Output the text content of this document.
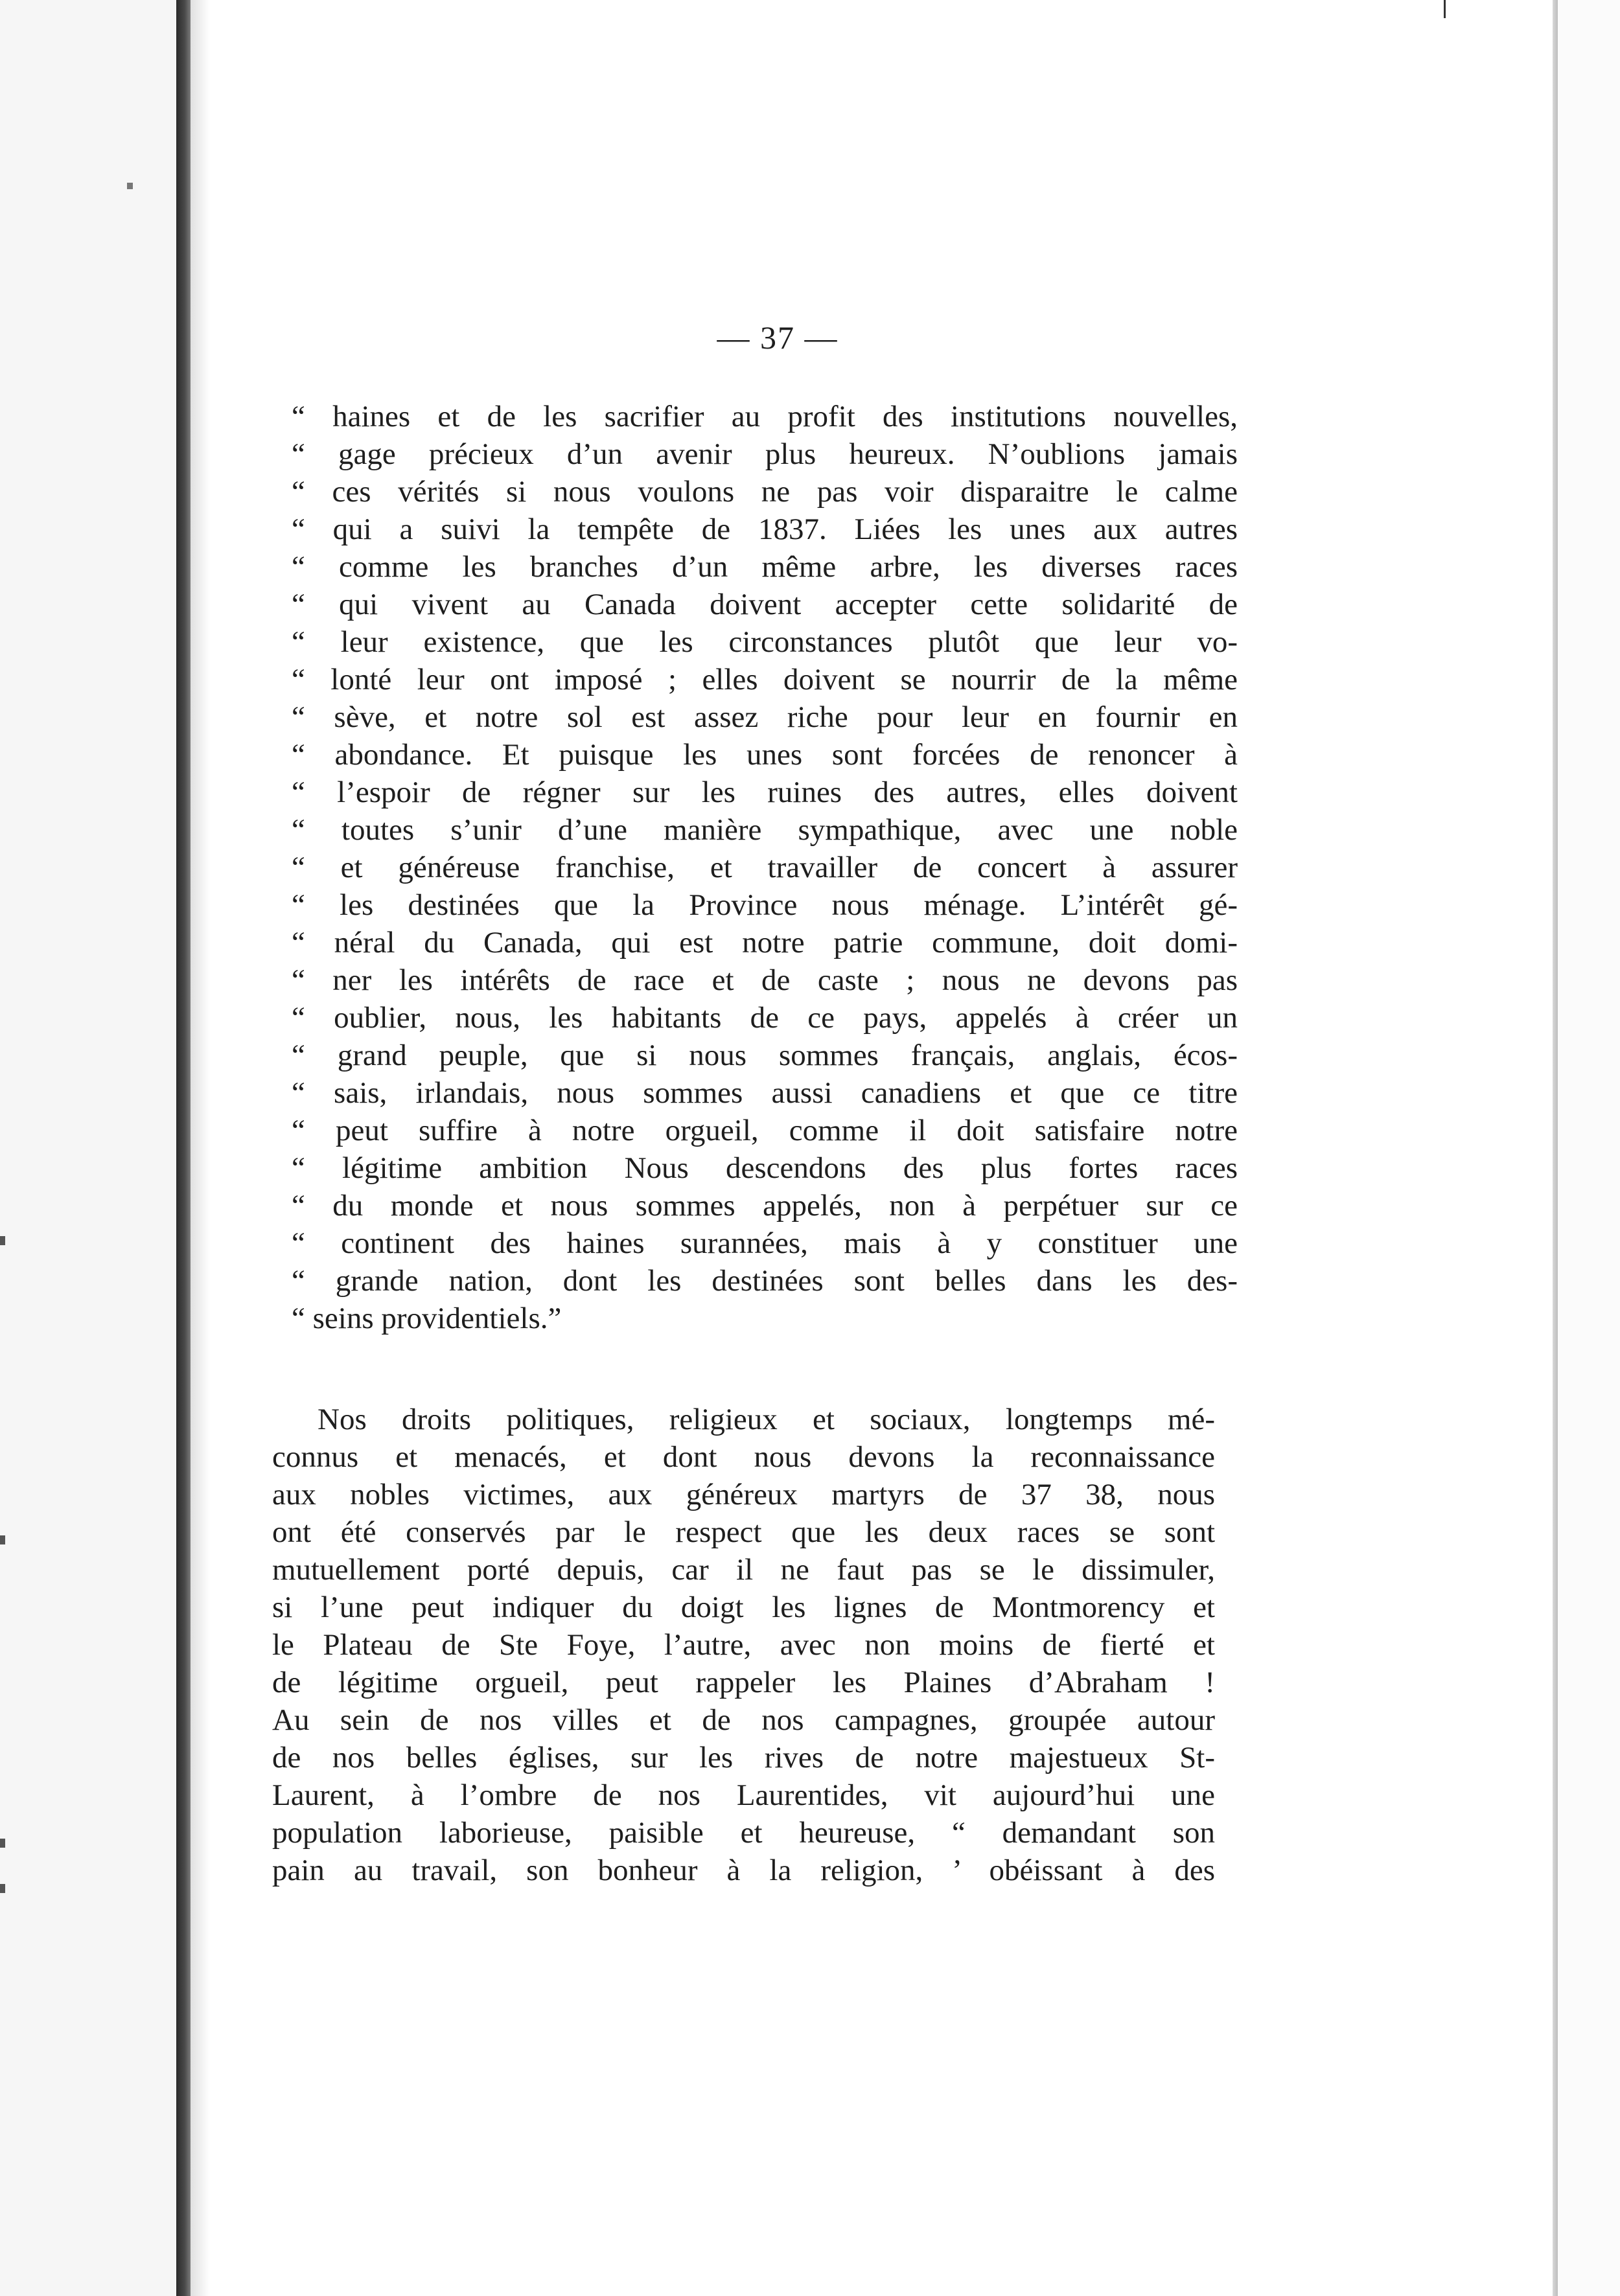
— 37 —
“ haines et de les sacrifier au profit des institutions nouvelles,
“ gage précieux d’un avenir plus heureux. N’oublions jamais
“ ces vérités si nous voulons ne pas voir disparaitre le calme
“ qui a suivi la tempête de 1837. Liées les unes aux autres
“ comme les branches d’un même arbre, les diverses races
“ qui vivent au Canada doivent accepter cette solidarité de
“ leur existence, que les circonstances plutôt que leur vo-
“ lonté leur ont imposé ; elles doivent se nourrir de la même
“ sève, et notre sol est assez riche pour leur en fournir en
“ abondance. Et puisque les unes sont forcées de renoncer à
“ l’espoir de régner sur les ruines des autres, elles doivent
“ toutes s’unir d’une manière sympathique, avec une noble
“ et généreuse franchise, et travailler de concert à assurer
“ les destinées que la Province nous ménage. L’intérêt gé-
“ néral du Canada, qui est notre patrie commune, doit domi-
“ ner les intérêts de race et de caste ; nous ne devons pas
“ oublier, nous, les habitants de ce pays, appelés à créer un
“ grand peuple, que si nous sommes français, anglais, écos-
“ sais, irlandais, nous sommes aussi canadiens et que ce titre
“ peut suffire à notre orgueil, comme il doit satisfaire notre
“ légitime ambition Nous descendons des plus fortes races
“ du monde et nous sommes appelés, non à perpétuer sur ce
“ continent des haines surannées, mais à y constituer une
“ grande nation, dont les destinées sont belles dans les des-
“ seins providentiels.”
Nos droits politiques, religieux et sociaux, longtemps mé-
connus et menacés, et dont nous devons la reconnaissance
aux nobles victimes, aux généreux martyrs de 37 38, nous
ont été conservés par le respect que les deux races se sont
mutuellement porté depuis, car il ne faut pas se le dissimuler,
si l’une peut indiquer du doigt les lignes de Montmorency et
le Plateau de Ste Foye, l’autre, avec non moins de fierté et
de légitime orgueil, peut rappeler les Plaines d’Abraham !
Au sein de nos villes et de nos campagnes, groupée autour
de nos belles églises, sur les rives de notre majestueux St-
Laurent, à l’ombre de nos Laurentides, vit aujourd’hui une
population laborieuse, paisible et heureuse, “ demandant son
pain au travail, son bonheur à la religion, ’ obéissant à des
